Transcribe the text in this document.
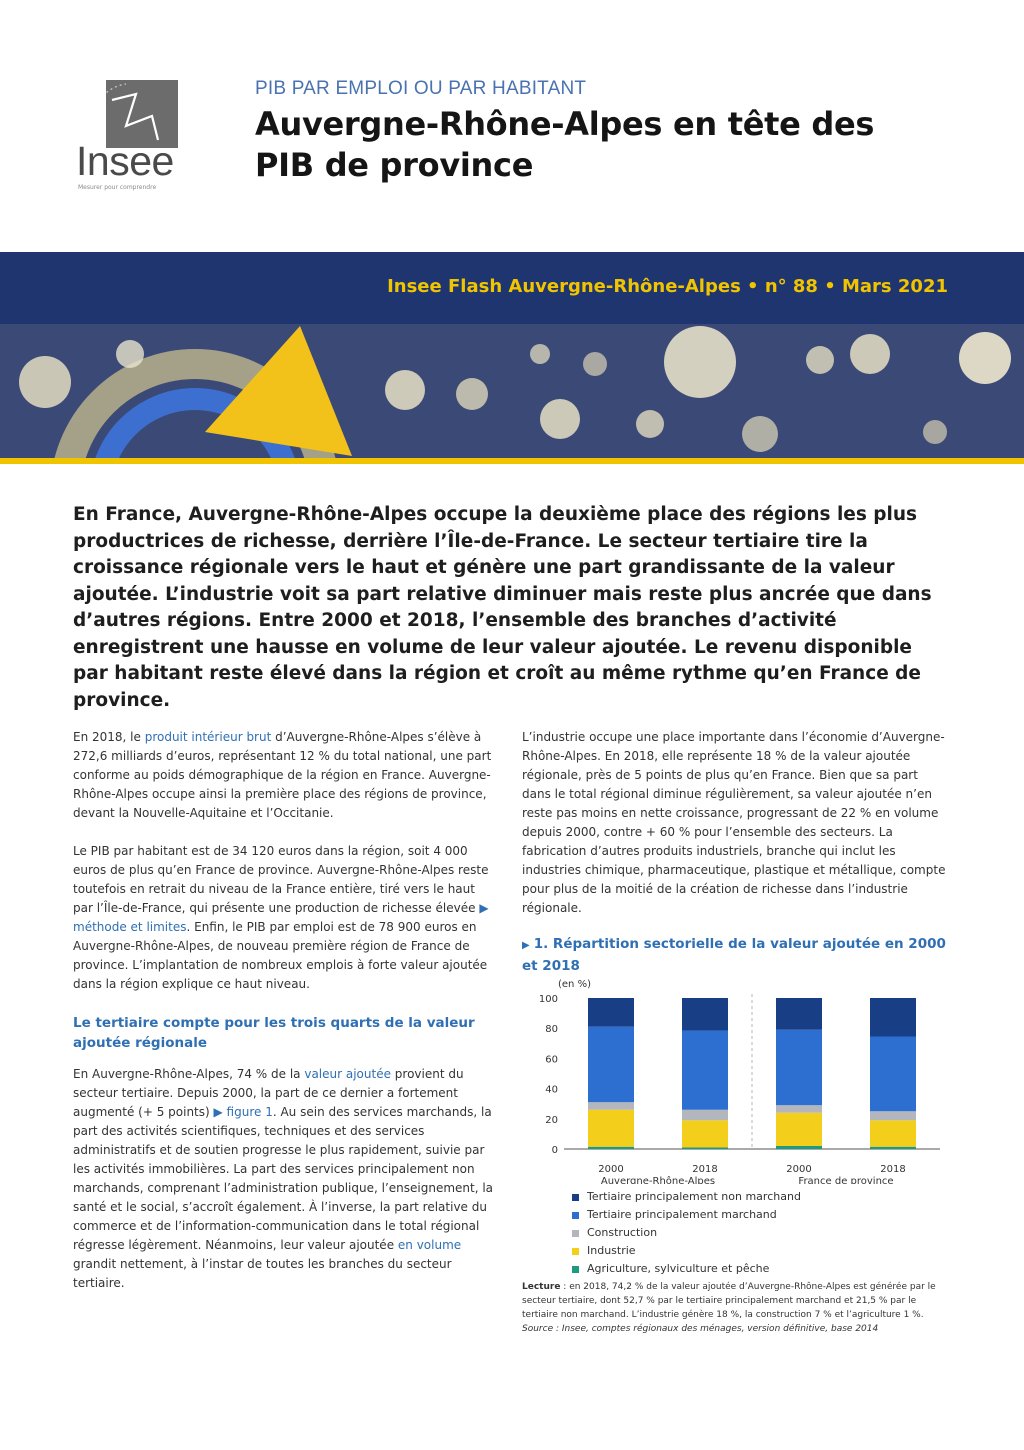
Insee
Mesurer pour comprendre
PIB PAR EMPLOI OU PAR HABITANT
Auvergne-Rhône-Alpes en tête des PIB de province
Insee Flash Auvergne-Rhône-Alpes • n° 88 • Mars 2021

En France, Auvergne-Rhône-Alpes occupe la deuxième place des régions les plus productrices de richesse, derrière l’Île-de-France. Le secteur tertiaire tire la croissance régionale vers le haut et génère une part grandissante de la valeur ajoutée. L’industrie voit sa part relative diminuer mais reste plus ancrée que dans d’autres régions. Entre 2000 et 2018, l’ensemble des branches d’activité enregistrent une hausse en volume de leur valeur ajoutée. Le revenu disponible par habitant reste élevé dans la région et croît au même rythme qu’en France de province.

En 2018, le produit intérieur brut d’Auvergne-Rhône-Alpes s’élève à 272,6 milliards d’euros, représentant 12 % du total national, une part conforme au poids démographique de la région en France. Auvergne-Rhône-Alpes occupe ainsi la première place des régions de province, devant la Nouvelle-Aquitaine et l’Occitanie.

Le PIB par habitant est de 34 120 euros dans la région, soit 4 000 euros de plus qu’en France de province. Auvergne-Rhône-Alpes reste toutefois en retrait du niveau de la France entière, tiré vers le haut par l’Île-de-France, qui présente une production de richesse élevée ▶ méthode et limites. Enfin, le PIB par emploi est de 78 900 euros en Auvergne-Rhône-Alpes, de nouveau première région de France de province. L’implantation de nombreux emplois à forte valeur ajoutée dans la région explique ce haut niveau.

Le tertiaire compte pour les trois quarts de la valeur ajoutée régionale

En Auvergne-Rhône-Alpes, 74 % de la valeur ajoutée provient du secteur tertiaire. Depuis 2000, la part de ce dernier a fortement augmenté (+ 5 points) ▶ figure 1. Au sein des services marchands, la part des activités scientifiques, techniques et des services administratifs et de soutien progresse le plus rapidement, suivie par les activités immobilières. La part des services principalement non marchands, comprenant l’administration publique, l’enseignement, la santé et le social, s’accroît également. À l’inverse, la part relative du commerce et de l’information-communication dans le total régional régresse légèrement. Néanmoins, leur valeur ajoutée en volume grandit nettement, à l’instar de toutes les branches du secteur tertiaire.

L’industrie occupe une place importante dans l’économie d’Auvergne-Rhône-Alpes. En 2018, elle représente 18 % de la valeur ajoutée régionale, près de 5 points de plus qu’en France. Bien que sa part dans le total régional diminue régulièrement, sa valeur ajoutée n’en reste pas moins en nette croissance, progressant de 22 % en volume depuis 2000, contre + 60 % pour l’ensemble des secteurs. La fabrication d’autres produits industriels, branche qui inclut les industries chimique, pharmaceutique, plastique et métallique, compte pour plus de la moitié de la création de richesse dans l’industrie régionale.

▶ 1. Répartition sectorielle de la valeur ajoutée en 2000 et 2018
(en %)
0
20
40
60
80
100
2000	2018	2000	2018
Auvergne-Rhône-Alpes	France de province
Tertiaire principalement non marchand
Tertiaire principalement marchand
Construction
Industrie
Agriculture, sylviculture et pêche
Lecture : en 2018, 74,2 % de la valeur ajoutée d’Auvergne-Rhône-Alpes est générée par le secteur tertiaire, dont 52,7 % par le tertiaire principalement marchand et 21,5 % par le tertiaire non marchand. L’industrie génère 18 %, la construction 7 % et l’agriculture 1 %.
Source : Insee, comptes régionaux des ménages, version définitive, base 2014
